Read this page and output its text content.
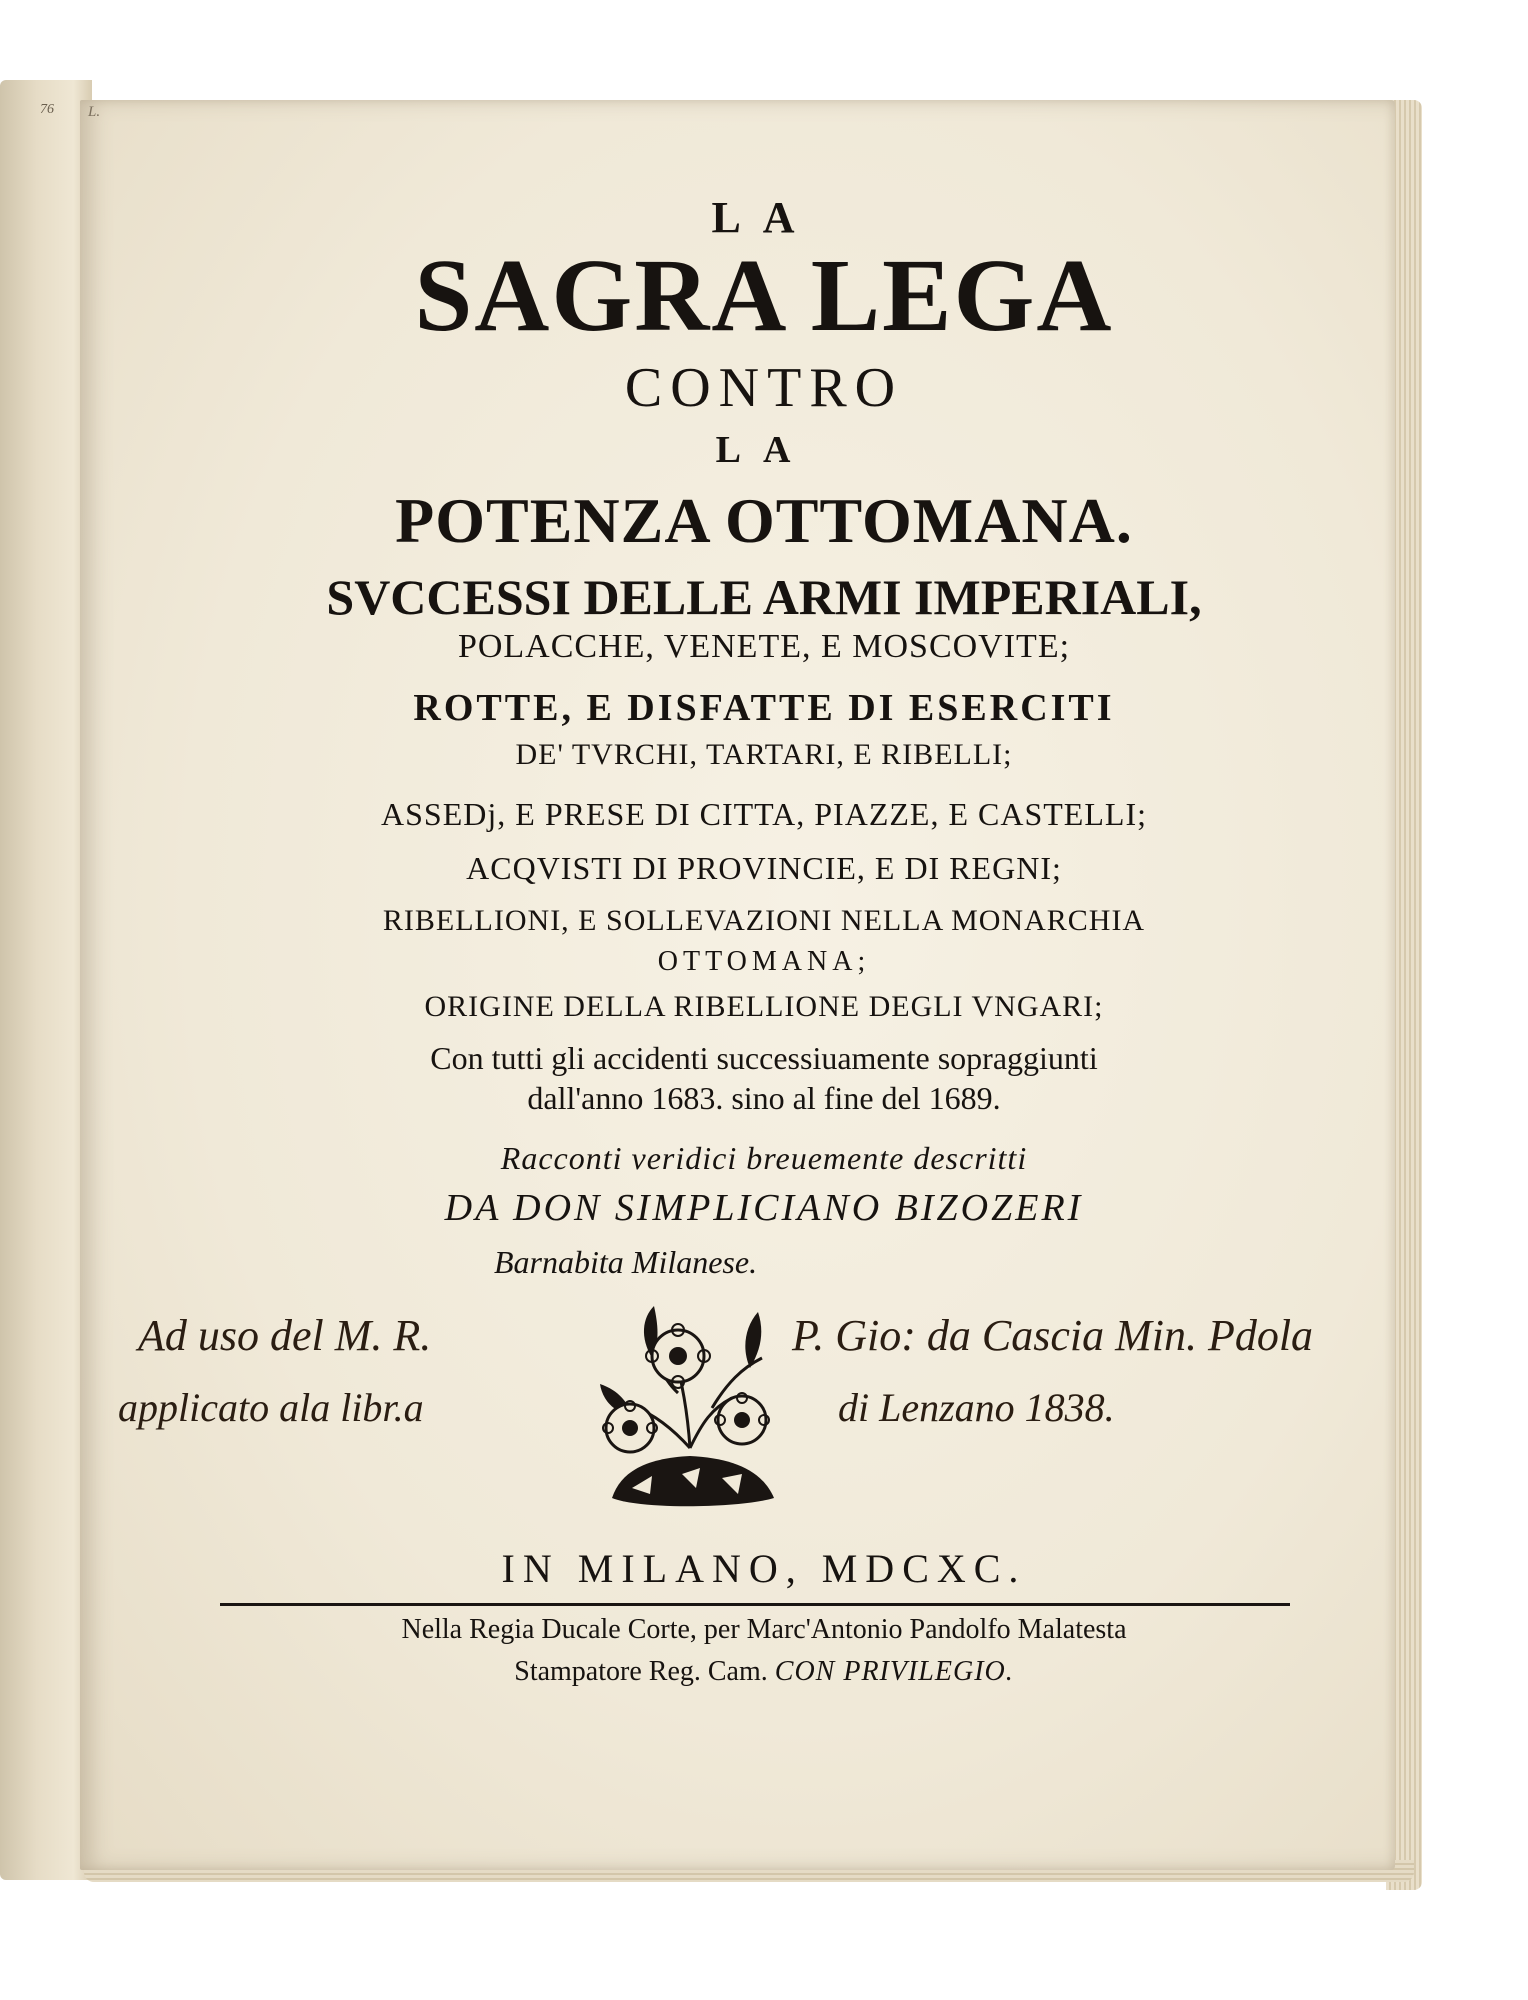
76 L.
LA
SAGRA LEGA
CONTRO
LA
POTENZA OTTOMANA.
SVCCESSI DELLE ARMI IMPERIALI,
POLACCHE, VENETE, E MOSCOVITE;
ROTTE, E DISFATTE DI ESERCITI
DE' TVRCHI, TARTARI, E RIBELLI;
ASSEDj, E PRESE DI CITTA, PIAZZE, E CASTELLI;
ACQVISTI DI PROVINCIE, E DI REGNI;
RIBELLIONI, E SOLLEVAZIONI NELLA MONARCHIA
OTTOMANA;
ORIGINE DELLA RIBELLIONE DEGLI VNGARI;
Con tutti gli accidenti successiuamente sopraggiunti
dall'anno 1683. sino al fine del 1689.
Racconti veridici breuemente descritti
DA DON SIMPLICIANO BIZOZERI
Barnabita Milanese.
Ad uso del M. R.	P. Gio: da Cascia Min. Pdola
applicato ala libr.a	di Lenzano 1838.
IN MILANO, MDCXC.
Nella Regia Ducale Corte, per Marc'Antonio Pandolfo Malatesta
Stampatore Reg. Cam. CON PRIVILEGIO.
